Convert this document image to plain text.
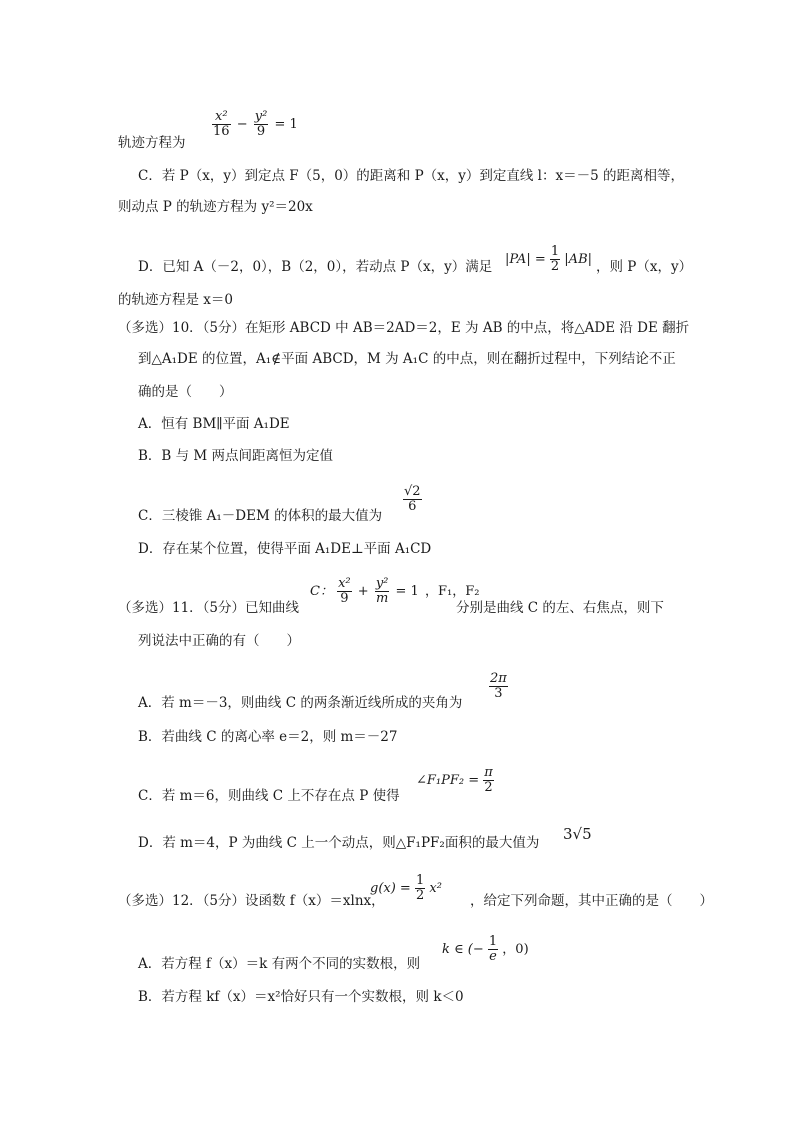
轨迹方程为
C．若 P（x，y）到定点 F（5，0）的距离和 P（x，y）到定直线 l：x＝－5 的距离相等，
则动点 P 的轨迹方程为 y²＝20x
D．已知 A（－2，0），B（2，0），若动点 P（x，y）满足	，则 P（x，y）
的轨迹方程是 x＝0
（多选）10．（5分）在矩形 ABCD 中 AB＝2AD＝2，E 为 AB 的中点，将△ADE 沿 DE 翻折
到△A₁DE 的位置，A₁∉平面 ABCD，M 为 A₁C 的中点，则在翻折过程中，下列结论不正
确的是（　　）
A．恒有 BM∥平面 A₁DE
B．B 与 M 两点间距离恒为定值
C．三棱锥 A₁－DEM 的体积的最大值为
D．存在某个位置，使得平面 A₁DE⊥平面 A₁CD
（多选）11．（5分）已知曲线	分别是曲线 C 的左、右焦点，则下
列说法中正确的有（　　）
A．若 m＝－3，则曲线 C 的两条渐近线所成的夹角为
B．若曲线 C 的离心率 e＝2，则 m＝－27
C．若 m＝6，则曲线 C 上不存在点 P 使得
D．若 m＝4，P 为曲线 C 上一个动点，则△F₁PF₂面积的最大值为
（多选）12．（5分）设函数 f（x）＝xlnx，	，给定下列命题，其中正确的是（　　）
A．若方程 f（x）＝k 有两个不同的实数根，则
B．若方程 kf（x）＝x²恰好只有一个实数根，则 k＜0
$\frac{\text{x²}}{16} - \frac{\text{y²}}{9} = 1$
$|PA| = \frac{1}{2} |AB|$
$\frac{√2}{6}$
C： $\frac{\text{x²}}{9} + \frac{\text{y²}}{m} = 1$ ，F₁，F₂
$\frac{2\pi}{3}$
∠F₁PF₂ = $\frac{\pi}{2}$
3√5
$g(x) = \frac{1}{2} x^2$
k ∈ (− $\frac{1}{e}$ ，0)
